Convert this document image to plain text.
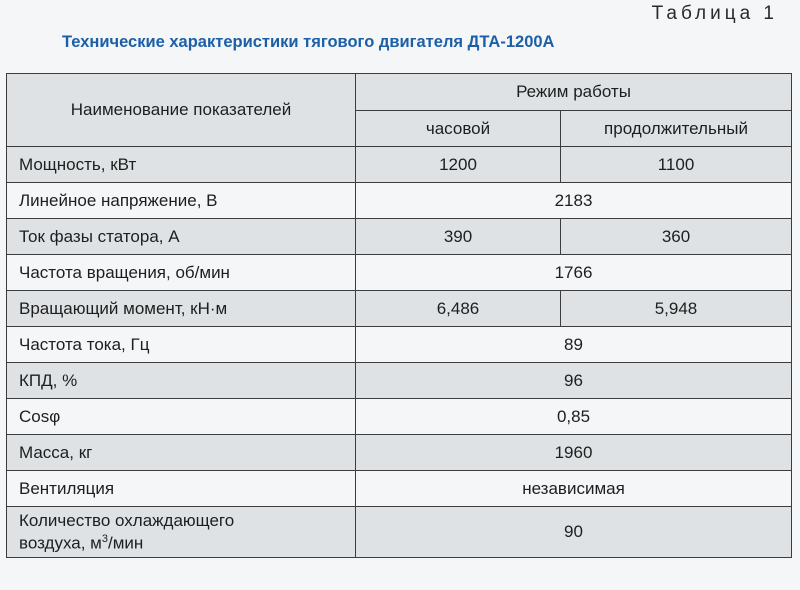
Таблица 1
Технические характеристики тягового двигателя ДТА-1200А
Наименование показателей	Режим работы	
	часовой	продолжительный
Мощность, кВт	1200	1100
Линейное напряжение, В	2183	
Ток фазы статора, А	390	360
Частота вращения, об/мин	1766	
Вращающий момент, кН·м	6,486	5,948
Частота тока, Гц	89	
КПД, %	96	
Cosφ	0,85	
Масса, кг	1960	
Вентиляция	независимая	
Количество охлаждающего
воздуха, $м^3$/мин	90	
